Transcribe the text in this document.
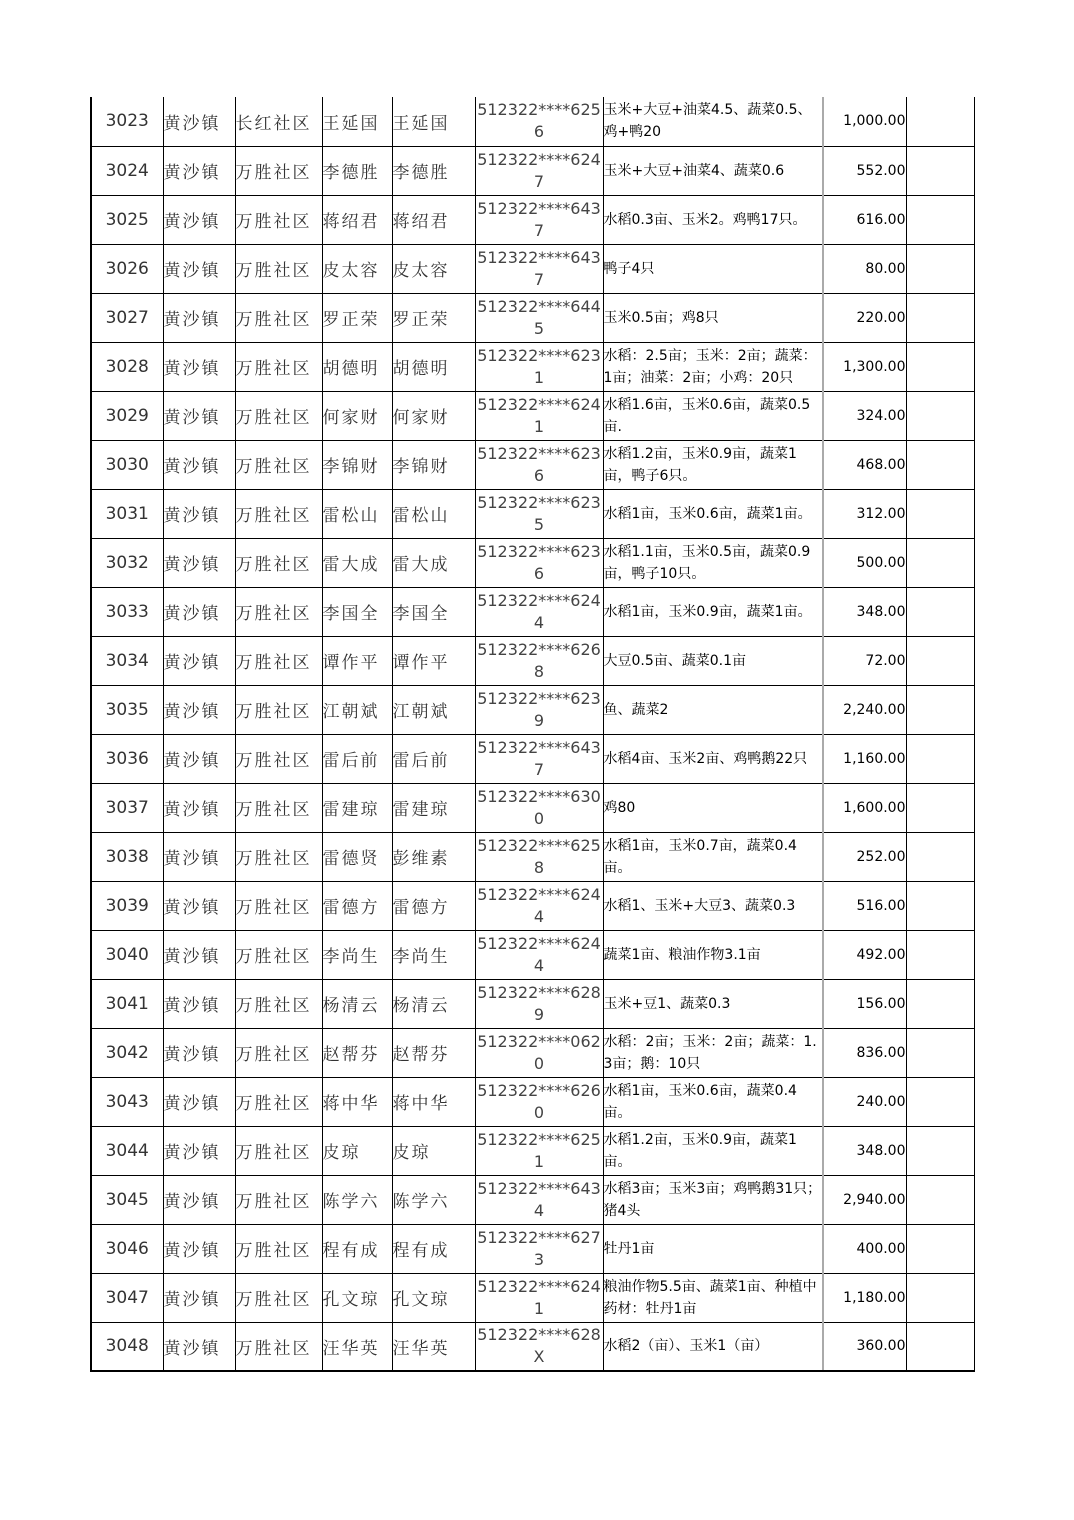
3023	黄沙镇	长红社区	王延国	王延国	512322****6256	玉米+大豆+油菜4.5、蔬菜0.5、鸡+鸭20	1,000.00	
3024	黄沙镇	万胜社区	李德胜	李德胜	512322****6247	玉米+大豆+油菜4、蔬菜0.6	552.00	
3025	黄沙镇	万胜社区	蒋绍君	蒋绍君	512322****6437	水稻0.3亩、玉米2。鸡鸭17只。	616.00	
3026	黄沙镇	万胜社区	皮太容	皮太容	512322****6437	鸭子4只	80.00	
3027	黄沙镇	万胜社区	罗正荣	罗正荣	512322****6445	玉米0.5亩；鸡8只	220.00	
3028	黄沙镇	万胜社区	胡德明	胡德明	512322****6231	水稻：2.5亩；玉米：2亩；蔬菜：1亩；油菜：2亩；小鸡：20只	1,300.00	
3029	黄沙镇	万胜社区	何家财	何家财	512322****6241	水稻1.6亩，玉米0.6亩，蔬菜0.5亩.	324.00	
3030	黄沙镇	万胜社区	李锦财	李锦财	512322****6236	水稻1.2亩，玉米0.9亩，蔬菜1亩，鸭子6只。	468.00	
3031	黄沙镇	万胜社区	雷松山	雷松山	512322****6235	水稻1亩，玉米0.6亩，蔬菜1亩。	312.00	
3032	黄沙镇	万胜社区	雷大成	雷大成	512322****6236	水稻1.1亩，玉米0.5亩，蔬菜0.9亩，鸭子10只。	500.00	
3033	黄沙镇	万胜社区	李国全	李国全	512322****6244	水稻1亩，玉米0.9亩，蔬菜1亩。	348.00	
3034	黄沙镇	万胜社区	谭作平	谭作平	512322****6268	大豆0.5亩、蔬菜0.1亩	72.00	
3035	黄沙镇	万胜社区	江朝斌	江朝斌	512322****6239	鱼、蔬菜2	2,240.00	
3036	黄沙镇	万胜社区	雷后前	雷后前	512322****6437	水稻4亩、玉米2亩、鸡鸭鹅22只	1,160.00	
3037	黄沙镇	万胜社区	雷建琼	雷建琼	512322****6300	鸡80	1,600.00	
3038	黄沙镇	万胜社区	雷德贤	彭维素	512322****6258	水稻1亩，玉米0.7亩，蔬菜0.4亩。	252.00	
3039	黄沙镇	万胜社区	雷德方	雷德方	512322****6244	水稻1、玉米+大豆3、蔬菜0.3	516.00	
3040	黄沙镇	万胜社区	李尚生	李尚生	512322****6244	蔬菜1亩、粮油作物3.1亩	492.00	
3041	黄沙镇	万胜社区	杨清云	杨清云	512322****6289	玉米+豆1、蔬菜0.3	156.00	
3042	黄沙镇	万胜社区	赵帮芬	赵帮芬	512322****0620	水稻：2亩；玉米：2亩；蔬菜：1.3亩；鹅：10只	836.00	
3043	黄沙镇	万胜社区	蒋中华	蒋中华	512322****6260	水稻1亩，玉米0.6亩，蔬菜0.4亩。	240.00	
3044	黄沙镇	万胜社区	皮琼	皮琼	512322****6251	水稻1.2亩，玉米0.9亩，蔬菜1亩。	348.00	
3045	黄沙镇	万胜社区	陈学六	陈学六	512322****6434	水稻3亩；玉米3亩；鸡鸭鹅31只；猪4头	2,940.00	
3046	黄沙镇	万胜社区	程有成	程有成	512322****6273	牡丹1亩	400.00	
3047	黄沙镇	万胜社区	孔文琼	孔文琼	512322****6241	粮油作物5.5亩、蔬菜1亩、种植中药材：牡丹1亩	1,180.00	
3048	黄沙镇	万胜社区	汪华英	汪华英	512322****628X	水稻2（亩）、玉米1（亩）	360.00	
